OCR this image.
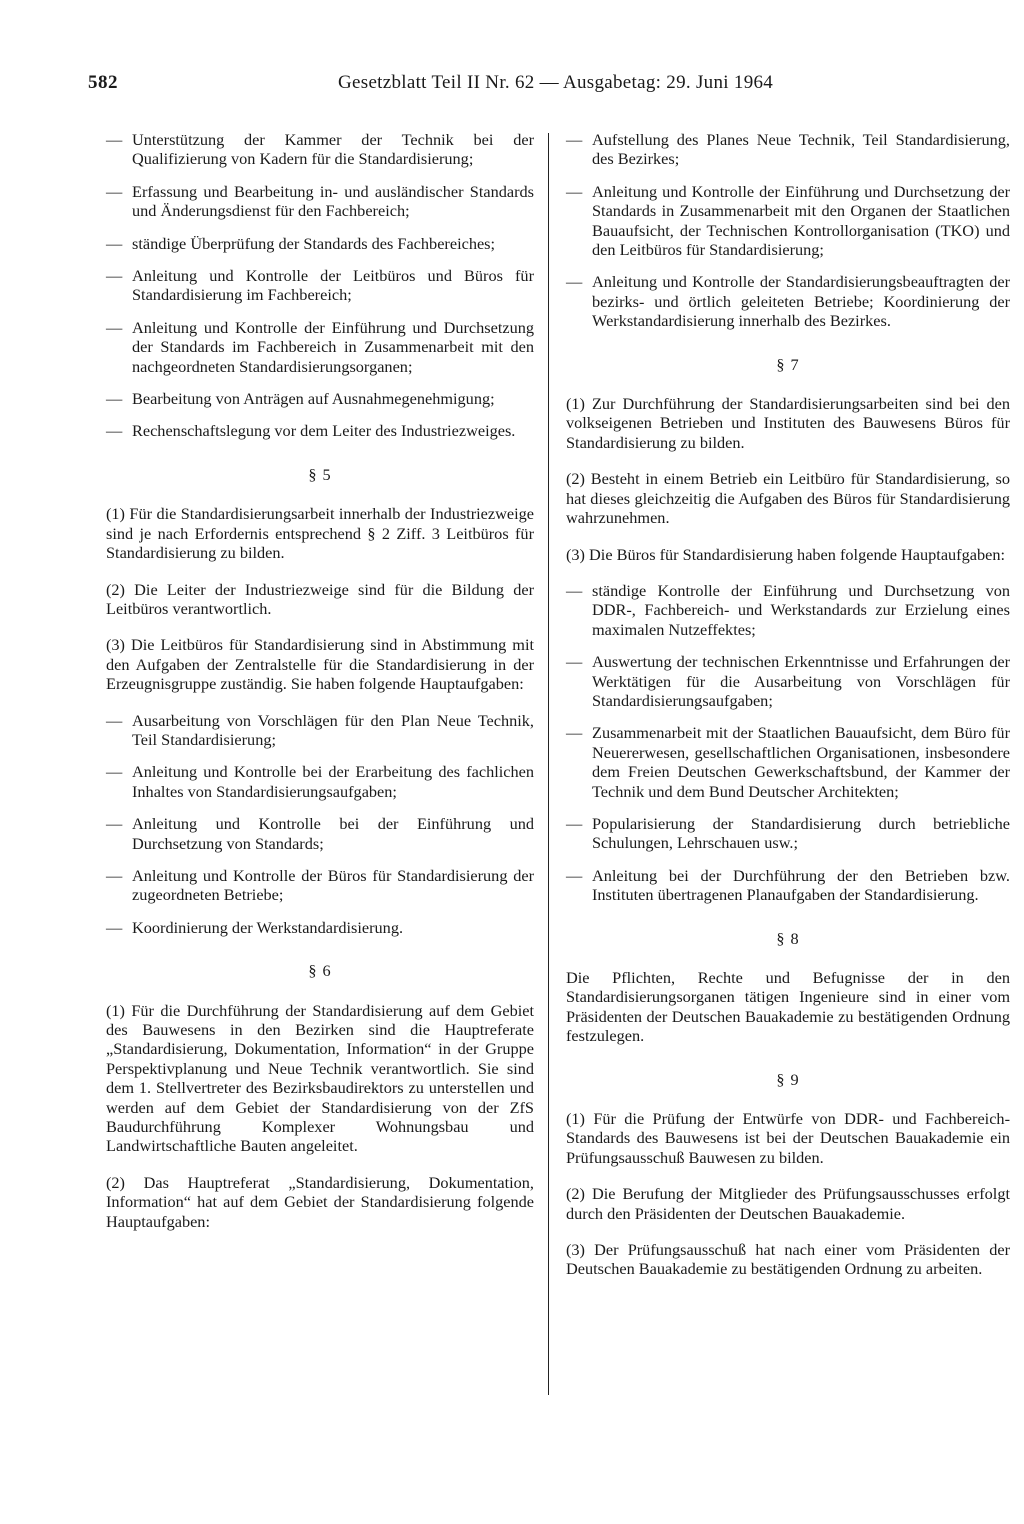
582	Gesetzblatt Teil II Nr. 62 — Ausgabetag: 29. Juni 1964
— Unterstützung der Kammer der Technik bei der Qualifizierung von Kadern für die Standardisierung;
— Erfassung und Bearbeitung in- und ausländischer Standards und Änderungsdienst für den Fachbereich;
— ständige Überprüfung der Standards des Fachbereiches;
— Anleitung und Kontrolle der Leitbüros und Büros für Standardisierung im Fachbereich;
— Anleitung und Kontrolle der Einführung und Durchsetzung der Standards im Fachbereich in Zusammenarbeit mit den nachgeordneten Standardisierungsorganen;
— Bearbeitung von Anträgen auf Ausnahmegenehmigung;
— Rechenschaftslegung vor dem Leiter des Industriezweiges.
§ 5

(1) Für die Standardisierungsarbeit innerhalb der Industriezweige sind je nach Erfordernis entsprechend § 2 Ziff. 3 Leitbüros für Standardisierung zu bilden.

(2) Die Leiter der Industriezweige sind für die Bildung der Leitbüros verantwortlich.

(3) Die Leitbüros für Standardisierung sind in Abstimmung mit den Aufgaben der Zentralstelle für die Standardisierung in der Erzeugnisgruppe zuständig. Sie haben folgende Hauptaufgaben:

— Ausarbeitung von Vorschlägen für den Plan Neue Technik, Teil Standardisierung;
— Anleitung und Kontrolle bei der Erarbeitung des fachlichen Inhaltes von Standardisierungsaufgaben;
— Anleitung und Kontrolle bei der Einführung und Durchsetzung von Standards;
— Anleitung und Kontrolle der Büros für Standardisierung der zugeordneten Betriebe;
— Koordinierung der Werkstandardisierung.
§ 6

(1) Für die Durchführung der Standardisierung auf dem Gebiet des Bauwesens in den Bezirken sind die Hauptreferate „Standardisierung, Dokumentation, Information“ in der Gruppe Perspektivplanung und Neue Technik verantwortlich. Sie sind dem 1. Stellvertreter des Bezirksbaudirektors zu unterstellen und werden auf dem Gebiet der Standardisierung von der ZfS Baudurchführung Komplexer Wohnungsbau und Landwirtschaftliche Bauten angeleitet.

(2) Das Hauptreferat „Standardisierung, Dokumentation, Information“ hat auf dem Gebiet der Standardisierung folgende Hauptaufgaben:

— Aufstellung des Planes Neue Technik, Teil Standardisierung, des Bezirkes;
— Anleitung und Kontrolle der Einführung und Durchsetzung der Standards in Zusammenarbeit mit den Organen der Staatlichen Bauaufsicht, der Technischen Kontrollorganisation (TKO) und den Leitbüros für Standardisierung;
— Anleitung und Kontrolle der Standardisierungsbeauftragten der bezirks- und örtlich geleiteten Betriebe; Koordinierung der Werkstandardisierung innerhalb des Bezirkes.
§ 7

(1) Zur Durchführung der Standardisierungsarbeiten sind bei den volkseigenen Betrieben und Instituten des Bauwesens Büros für Standardisierung zu bilden.

(2) Besteht in einem Betrieb ein Leitbüro für Standardisierung, so hat dieses gleichzeitig die Aufgaben des Büros für Standardisierung wahrzunehmen.

(3) Die Büros für Standardisierung haben folgende Hauptaufgaben:

— ständige Kontrolle der Einführung und Durchsetzung von DDR-, Fachbereich- und Werkstandards zur Erzielung eines maximalen Nutzeffektes;
— Auswertung der technischen Erkenntnisse und Erfahrungen der Werktätigen für die Ausarbeitung von Vorschlägen für Standardisierungsaufgaben;
— Zusammenarbeit mit der Staatlichen Bauaufsicht, dem Büro für Neuererwesen, gesellschaftlichen Organisationen, insbesondere dem Freien Deutschen Gewerkschaftsbund, der Kammer der Technik und dem Bund Deutscher Architekten;
— Popularisierung der Standardisierung durch betriebliche Schulungen, Lehrschauen usw.;
— Anleitung bei der Durchführung der den Betrieben bzw. Instituten übertragenen Planaufgaben der Standardisierung.
§ 8

Die Pflichten, Rechte und Befugnisse der in den Standardisierungsorganen tätigen Ingenieure sind in einer vom Präsidenten der Deutschen Bauakademie zu bestätigenden Ordnung festzulegen.

§ 9

(1) Für die Prüfung der Entwürfe von DDR- und Fachbereich-Standards des Bauwesens ist bei der Deutschen Bauakademie ein Prüfungsausschuß Bauwesen zu bilden.

(2) Die Berufung der Mitglieder des Prüfungsausschusses erfolgt durch den Präsidenten der Deutschen Bauakademie.

(3) Der Prüfungsausschuß hat nach einer vom Präsidenten der Deutschen Bauakademie zu bestätigenden Ordnung zu arbeiten.
